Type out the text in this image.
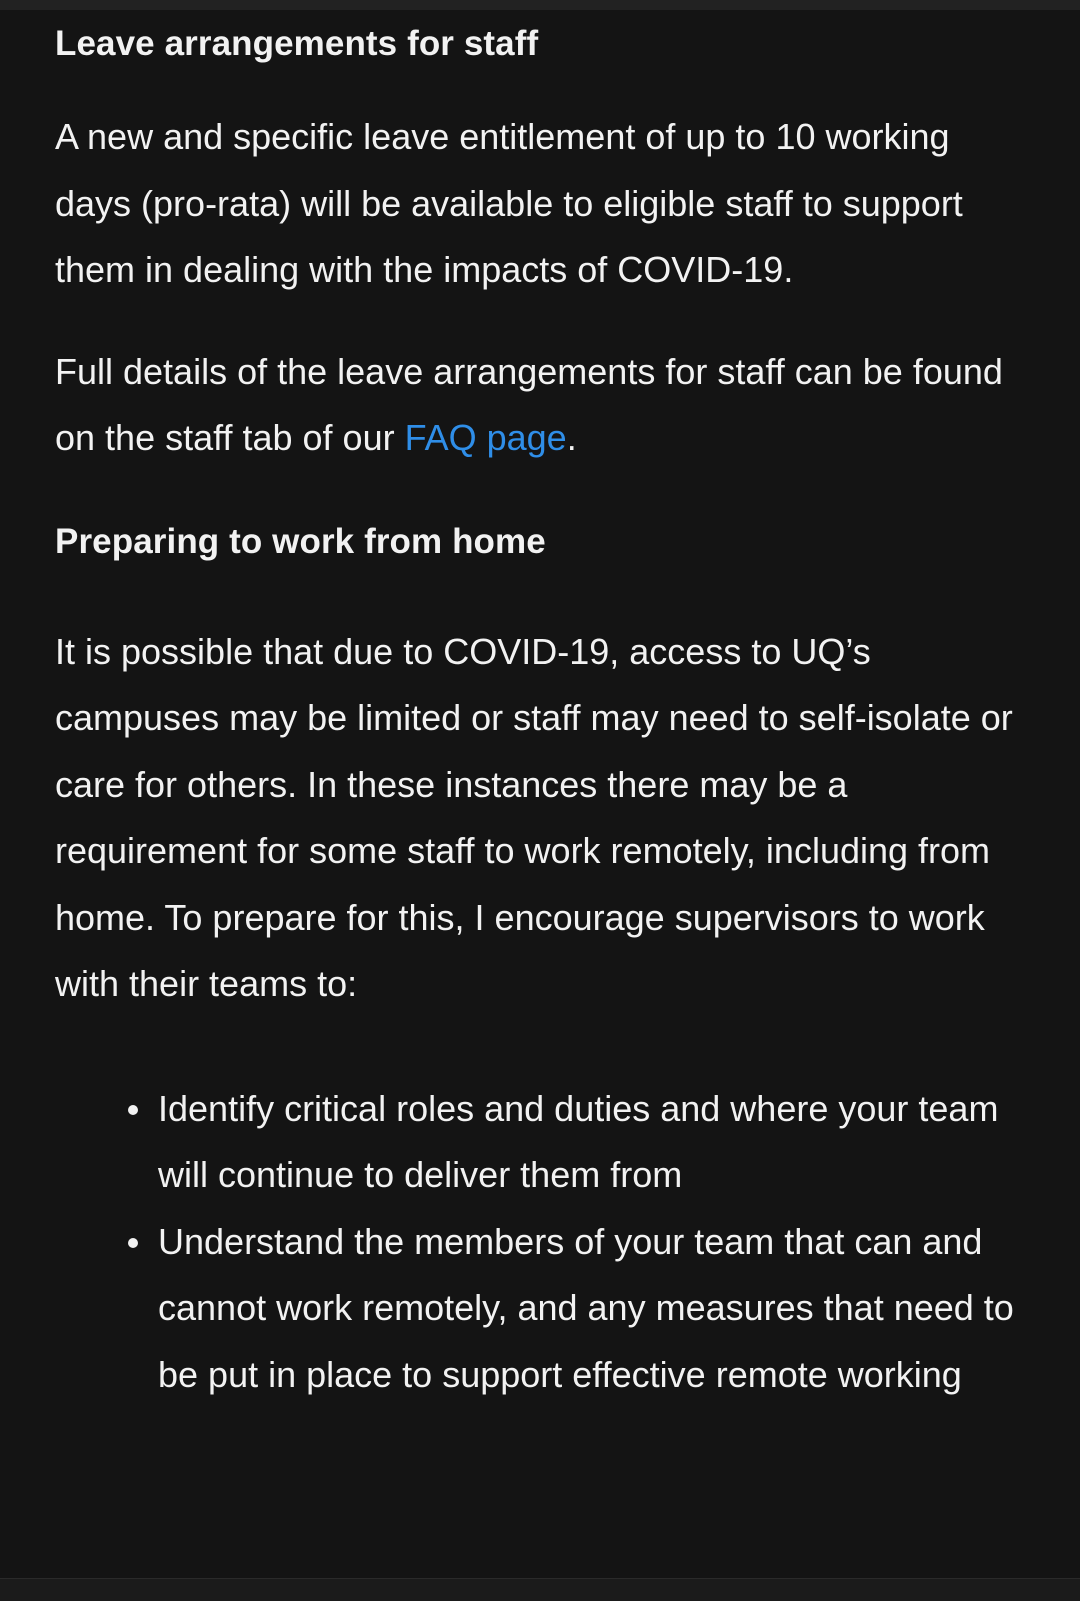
Leave arrangements for staff

A new and specific leave entitlement of up to 10 working days (pro-rata) will be available to eligible staff to support them in dealing with the impacts of COVID-19.

Full details of the leave arrangements for staff can be found on the staff tab of our FAQ page.

Preparing to work from home

It is possible that due to COVID-19, access to UQ’s campuses may be limited or staff may need to self-isolate or care for others. In these instances there may be a requirement for some staff to work remotely, including from home. To prepare for this, I encourage supervisors to work with their teams to:

Identify critical roles and duties and where your team will continue to deliver them from
Understand the members of your team that can and cannot work remotely, and any measures that need to be put in place to support effective remote working
